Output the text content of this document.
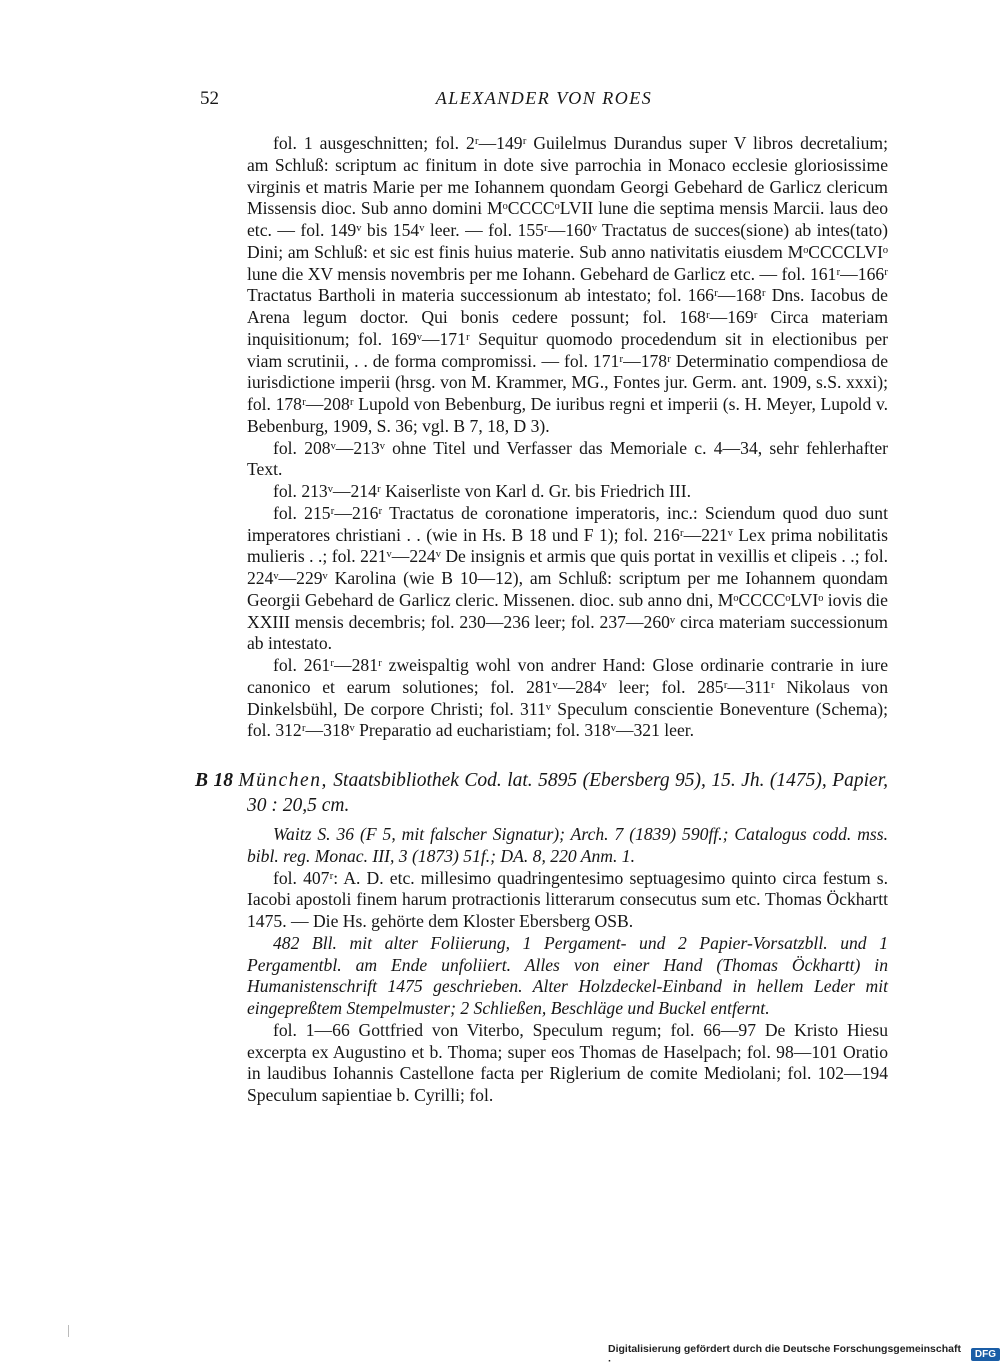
52	ALEXANDER VON ROES

fol. 1 ausgeschnitten; fol. 2ʳ—149ʳ Guilelmus Durandus super V libros decretalium; am Schluß: scriptum ac finitum in dote sive parrochia in Monaco ecclesie gloriosissime virginis et matris Marie per me Iohannem quondam Georgi Gebehard de Garlicz clericum Missensis dioc. Sub anno domini MᵒCCCCᵒLVII lune die septima mensis Marcii. laus deo etc. — fol. 149ᵛ bis 154ᵛ leer. — fol. 155ʳ—160ᵛ Tractatus de succes(sione) ab intes(tato) Dini; am Schluß: et sic est finis huius materie. Sub anno nativitatis eiusdem MᵒCCCCLVIᵒ lune die XV mensis novembris per me Iohann. Gebehard de Garlicz etc. — fol. 161ʳ—166ʳ Tractatus Bartholi in materia successionum ab intestato; fol. 166ʳ—168ʳ Dns. Iacobus de Arena legum doctor. Qui bonis cedere possunt; fol. 168ʳ—169ʳ Circa materiam inquisitionum; fol. 169ᵛ—171ʳ Sequitur quomodo procedendum sit in electionibus per viam scrutinii, . . de forma compromissi. — fol. 171ʳ—178ʳ Determinatio compendiosa de iurisdictione imperii (hrsg. von M. Krammer, MG., Fontes jur. Germ. ant. 1909, s.S. xxxi); fol. 178ʳ—208ʳ Lupold von Bebenburg, De iuribus regni et imperii (s. H. Meyer, Lupold v. Bebenburg, 1909, S. 36; vgl. B 7, 18, D 3).

fol. 208ᵛ—213ᵛ ohne Titel und Verfasser das Memoriale c. 4—34, sehr fehlerhafter Text.

fol. 213ᵛ—214ʳ Kaiserliste von Karl d. Gr. bis Friedrich III.

fol. 215ʳ—216ʳ Tractatus de coronatione imperatoris, inc.: Sciendum quod duo sunt imperatores christiani . . (wie in Hs. B 18 und F 1); fol. 216ʳ—221ᵛ Lex prima nobilitatis mulieris . .; fol. 221ᵛ—224ᵛ De insignis et armis que quis portat in vexillis et clipeis . .; fol. 224ᵛ—229ᵛ Karolina (wie B 10—12), am Schluß: scriptum per me Iohannem quondam Georgii Gebehard de Garlicz cleric. Missenen. dioc. sub anno dni, MᵒCCCCᵒLVIᵒ iovis die XXIII mensis decembris; fol. 230—236 leer; fol. 237—260ᵛ circa materiam successionum ab intestato.

fol. 261ʳ—281ʳ zweispaltig wohl von andrer Hand: Glose ordinarie contrarie in iure canonico et earum solutiones; fol. 281ᵛ—284ᵛ leer; fol. 285ʳ—311ʳ Nikolaus von Dinkelsbühl, De corpore Christi; fol. 311ᵛ Speculum conscientie Boneventure (Schema); fol. 312ʳ—318ᵛ Preparatio ad eucharistiam; fol. 318ᵛ—321 leer.

B 18 München, Staatsbibliothek Cod. lat. 5895 (Ebersberg 95), 15. Jh. (1475), Papier, 30 : 20,5 cm.

Waitz S. 36 (F 5, mit falscher Signatur); Arch. 7 (1839) 590ff.; Catalogus codd. mss. bibl. reg. Monac. III, 3 (1873) 51f.; DA. 8, 220 Anm. 1.

fol. 407ʳ: A. D. etc. millesimo quadringentesimo septuagesimo quinto circa festum s. Iacobi apostoli finem harum protractionis litterarum consecutus sum etc. Thomas Öckhartt 1475. — Die Hs. gehörte dem Kloster Ebersberg OSB.

482 Bll. mit alter Foliierung, 1 Pergament- und 2 Papier-Vorsatzbll. und 1 Pergamentbl. am Ende unfoliiert. Alles von einer Hand (Thomas Öckhartt) in Humanistenschrift 1475 geschrieben. Alter Holzdeckel-Einband in hellem Leder mit eingepreßtem Stempelmuster; 2 Schließen, Beschläge und Buckel entfernt.

fol. 1—66 Gottfried von Viterbo, Speculum regum; fol. 66—97 De Kristo Hiesu excerpta ex Augustino et b. Thoma; super eos Thomas de Haselpach; fol. 98—101 Oratio in laudibus Iohannis Castellone facta per Riglerium de comite Mediolani; fol. 102—194 Speculum sapientiae b. Cyrilli; fol.

Digitalisierung gefördert durch die Deutsche Forschungsgemeinschaft ·	DFG
